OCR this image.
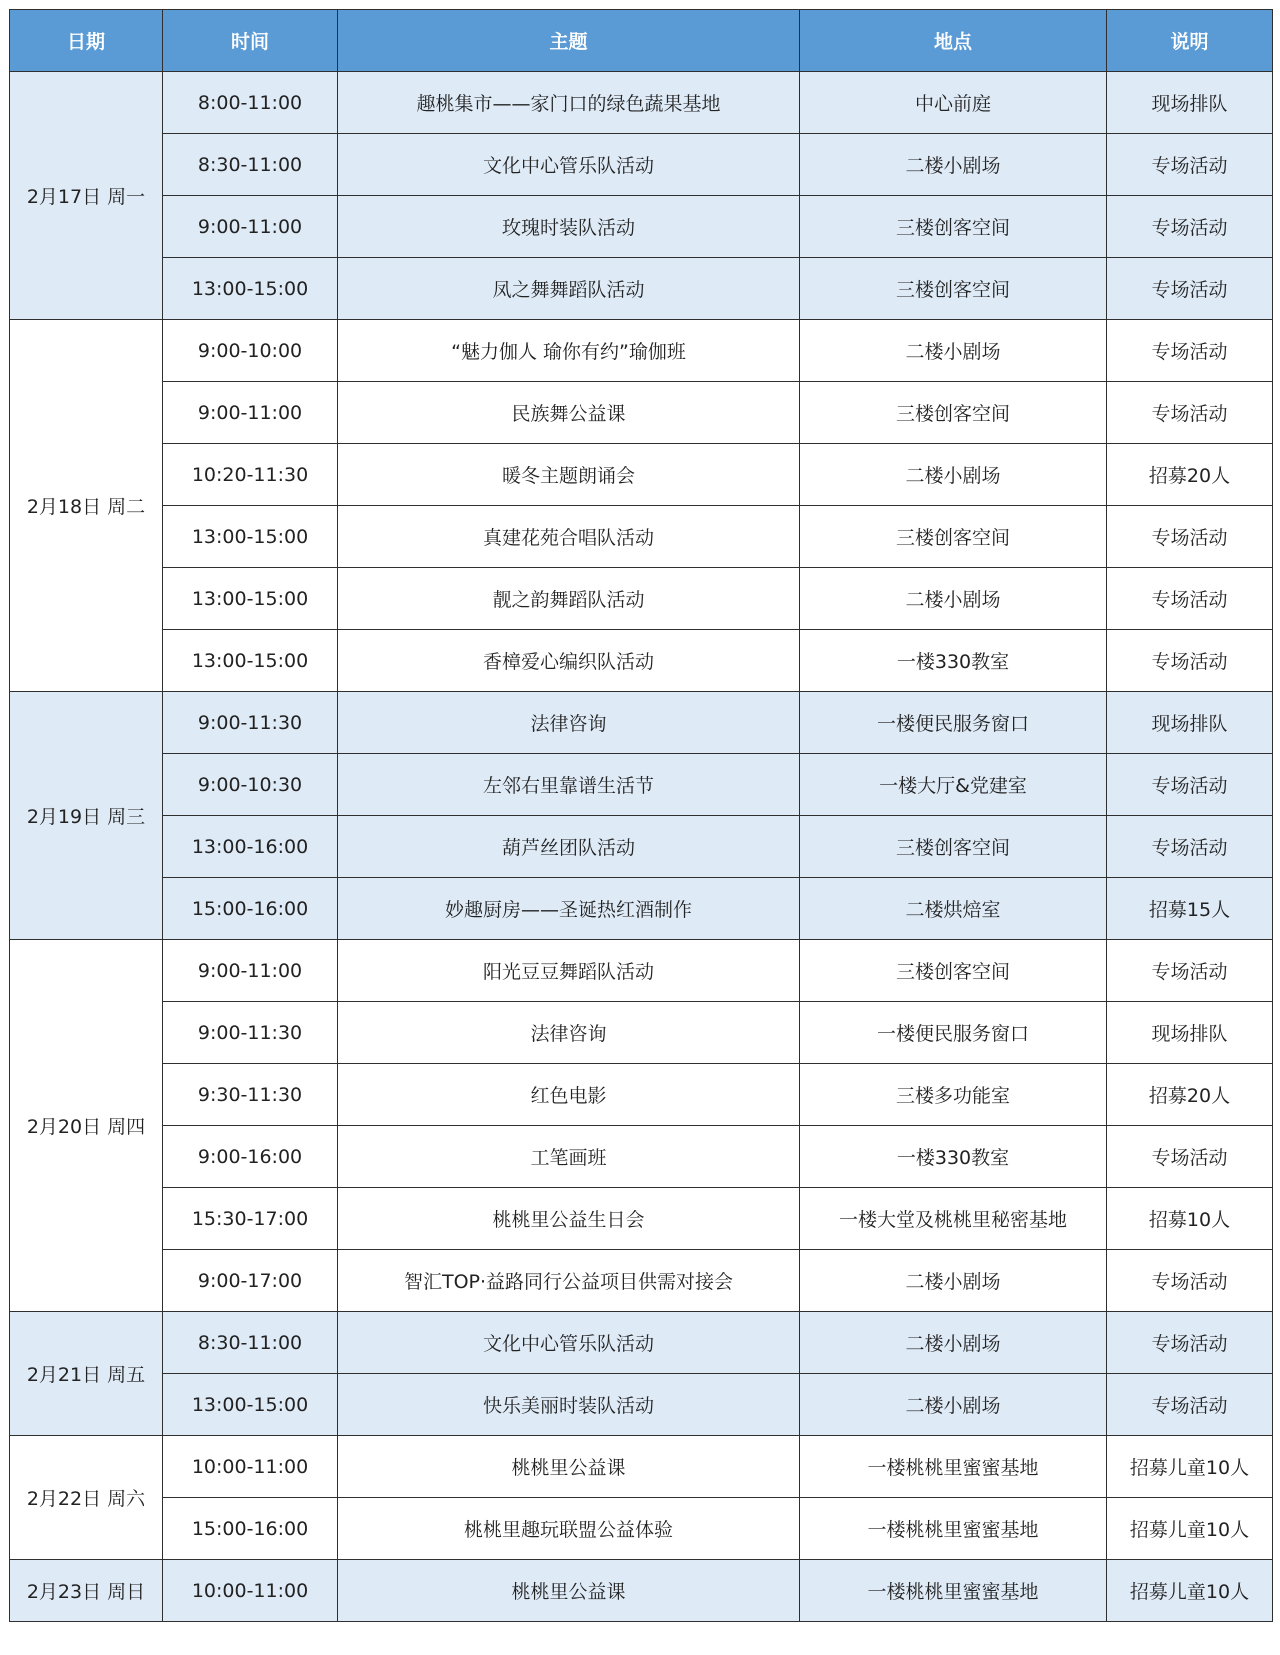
日期	时间	主题	地点	说明
2月17日 周一	8:00-11:00	趣桃集市——家门口的绿色蔬果基地	中心前庭	现场排队
	8:30-11:00	文化中心管乐队活动	二楼小剧场	专场活动
	9:00-11:00	玫瑰时装队活动	三楼创客空间	专场活动
	13:00-15:00	凤之舞舞蹈队活动	三楼创客空间	专场活动
2月18日 周二	9:00-10:00	“魅力伽人 瑜你有约”瑜伽班	二楼小剧场	专场活动
	9:00-11:00	民族舞公益课	三楼创客空间	专场活动
	10:20-11:30	暖冬主题朗诵会	二楼小剧场	招募20人
	13:00-15:00	真建花苑合唱队活动	三楼创客空间	专场活动
	13:00-15:00	靓之韵舞蹈队活动	二楼小剧场	专场活动
	13:00-15:00	香樟爱心编织队活动	一楼330教室	专场活动
2月19日 周三	9:00-11:30	法律咨询	一楼便民服务窗口	现场排队
	9:00-10:30	左邻右里靠谱生活节	一楼大厅&党建室	专场活动
	13:00-16:00	葫芦丝团队活动	三楼创客空间	专场活动
	15:00-16:00	妙趣厨房——圣诞热红酒制作	二楼烘焙室	招募15人
2月20日 周四	9:00-11:00	阳光豆豆舞蹈队活动	三楼创客空间	专场活动
	9:00-11:30	法律咨询	一楼便民服务窗口	现场排队
	9:30-11:30	红色电影	三楼多功能室	招募20人
	9:00-16:00	工笔画班	一楼330教室	专场活动
	15:30-17:00	桃桃里公益生日会	一楼大堂及桃桃里秘密基地	招募10人
	9:00-17:00	智汇TOP·益路同行公益项目供需对接会	二楼小剧场	专场活动
2月21日 周五	8:30-11:00	文化中心管乐队活动	二楼小剧场	专场活动
	13:00-15:00	快乐美丽时装队活动	二楼小剧场	专场活动
2月22日 周六	10:00-11:00	桃桃里公益课	一楼桃桃里蜜蜜基地	招募儿童10人
	15:00-16:00	桃桃里趣玩联盟公益体验	一楼桃桃里蜜蜜基地	招募儿童10人
2月23日 周日	10:00-11:00	桃桃里公益课	一楼桃桃里蜜蜜基地	招募儿童10人
